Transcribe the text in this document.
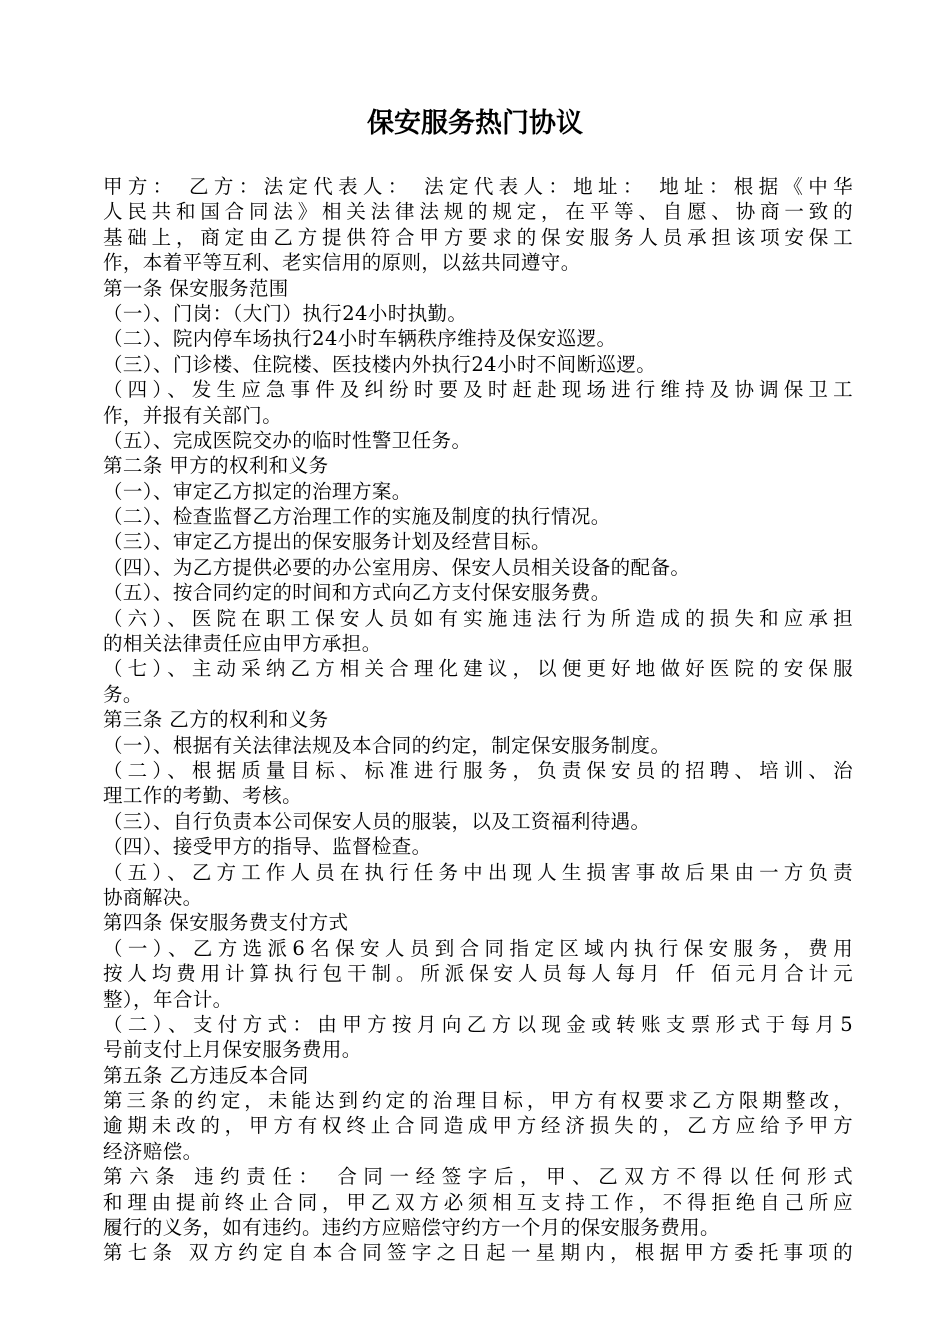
保安服务热门协议
甲方： 乙方：法定代表人： 法定代表人：地址： 地址：根据《中华
人民共和国合同法》相关法律法规的规定，在平等、自愿、协商一致的
基础上，商定由乙方提供符合甲方要求的保安服务人员承担该项安保工
作，本着平等互利、老实信用的原则，以兹共同遵守。
第一条 保安服务范围
（一）、门岗：（大门）执行24小时执勤。
（二）、院内停车场执行24小时车辆秩序维持及保安巡逻。
（三）、门诊楼、住院楼、医技楼内外执行24小时不间断巡逻。
（四）、发生应急事件及纠纷时要及时赶赴现场进行维持及协调保卫工
作，并报有关部门。
（五）、完成医院交办的临时性警卫任务。
第二条 甲方的权利和义务
（一）、审定乙方拟定的治理方案。
（二）、检查监督乙方治理工作的实施及制度的执行情况。
（三）、审定乙方提出的保安服务计划及经营目标。
（四）、为乙方提供必要的办公室用房、保安人员相关设备的配备。
（五）、按合同约定的时间和方式向乙方支付保安服务费。
（六）、医院在职工保安人员如有实施违法行为所造成的损失和应承担
的相关法律责任应由甲方承担。
（七）、主动采纳乙方相关合理化建议，以便更好地做好医院的安保服
务。
第三条 乙方的权利和义务
（一）、根据有关法律法规及本合同的约定，制定保安服务制度。
（二）、根据质量目标、标准进行服务，负责保安员的招聘、培训、治
理工作的考勤、考核。
（三）、自行负责本公司保安人员的服装，以及工资福利待遇。
（四）、接受甲方的指导、监督检查。
（五）、乙方工作人员在执行任务中出现人生损害事故后果由一方负责
协商解决。
第四条 保安服务费支付方式
（一）、乙方选派6名保安人员到合同指定区域内执行保安服务，费用
按人均费用计算执行包干制。所派保安人员每人每月 仟 佰元月合计元
整），年合计。
（二）、支付方式：由甲方按月向乙方以现金或转账支票形式于每月5
号前支付上月保安服务费用。
第五条 乙方违反本合同
第三条的约定，未能达到约定的治理目标，甲方有权要求乙方限期整改，
逾期未改的，甲方有权终止合同造成甲方经济损失的，乙方应给予甲方
经济赔偿。
第六条 违约责任： 合同一经签字后，甲、乙双方不得以任何形式
和理由提前终止合同，甲乙双方必须相互支持工作，不得拒绝自己所应
履行的义务，如有违约。违约方应赔偿守约方一个月的保安服务费用。
第七条 双方约定自本合同签字之日起一星期内，根据甲方委托事项的
